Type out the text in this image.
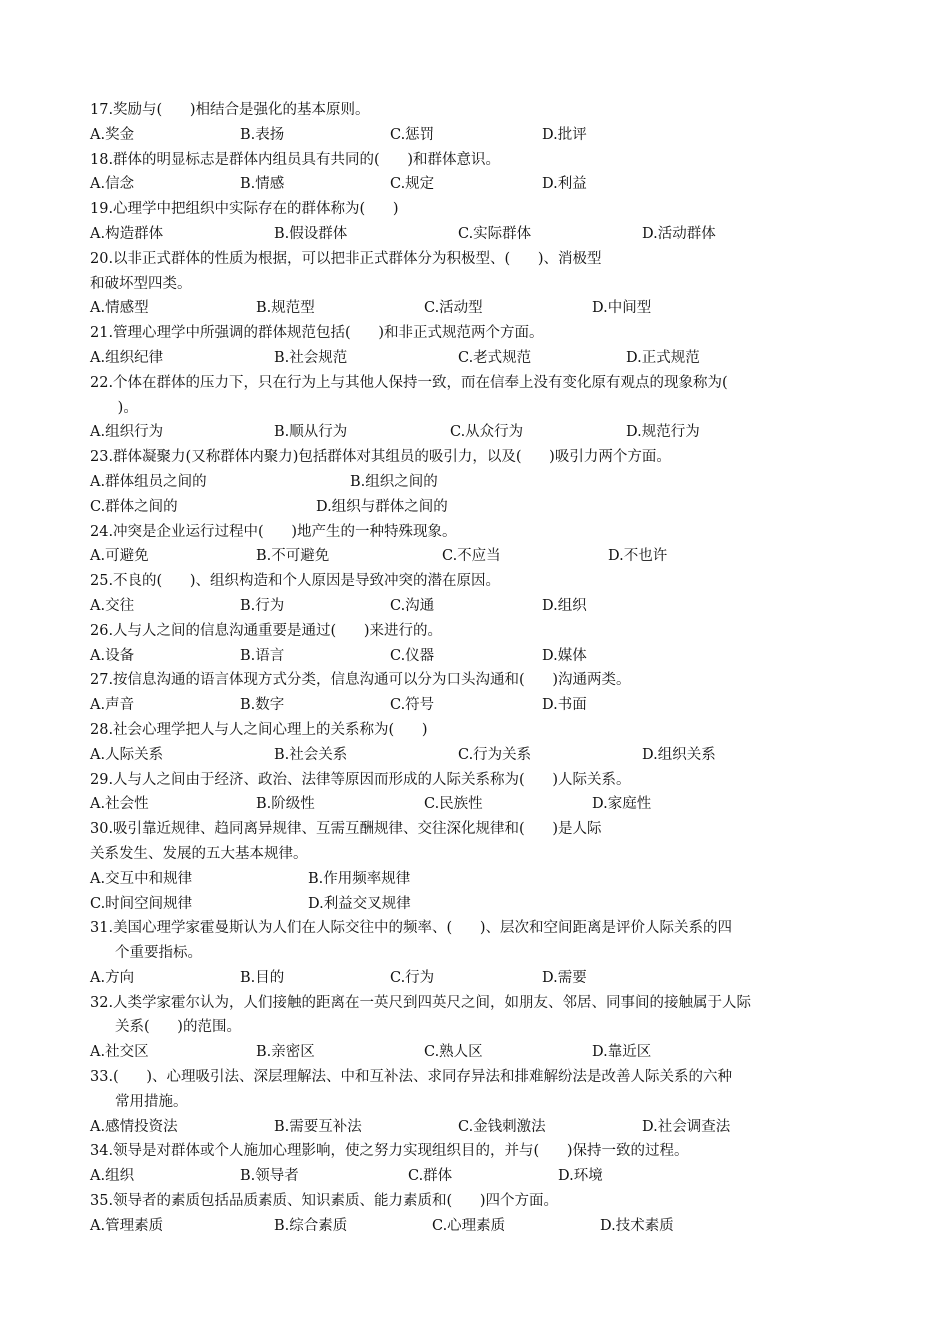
17.奖励与(      )相结合是强化的基本原则。
A.奖金	B.表扬	C.惩罚	D.批评
18.群体的明显标志是群体内组员具有共同的(      )和群体意识。
A.信念	B.情感	C.规定	D.利益
19.心理学中把组织中实际存在的群体称为(      )
A.构造群体	B.假设群体	C.实际群体	D.活动群体
20.以非正式群体的性质为根据，可以把非正式群体分为积极型、(      )、消极型
和破坏型四类。
A.情感型	B.规范型	C.活动型	D.中间型
21.管理心理学中所强调的群体规范包括(      )和非正式规范两个方面。
A.组织纪律	B.社会规范	C.老式规范	D.正式规范
22.个体在群体的压力下，只在行为上与其他人保持一致，而在信奉上没有变化原有观点的现象称为(
)。
A.组织行为	B.顺从行为	C.从众行为	D.规范行为
23.群体凝聚力(又称群体内聚力)包括群体对其组员的吸引力，以及(      )吸引力两个方面。
A.群体组员之间的	B.组织之间的
C.群体之间的	D.组织与群体之间的
24.冲突是企业运行过程中(      )地产生的一种特殊现象。
A.可避免	B.不可避免	C.不应当	D.不也许
25.不良的(      )、组织构造和个人原因是导致冲突的潜在原因。
A.交往	B.行为	C.沟通	D.组织
26.人与人之间的信息沟通重要是通过(      )来进行的。
A.设备	B.语言	C.仪器	D.媒体
27.按信息沟通的语言体现方式分类，信息沟通可以分为口头沟通和(      )沟通两类。
A.声音	B.数字	C.符号	D.书面
28.社会心理学把人与人之间心理上的关系称为(      )
A.人际关系	B.社会关系	C.行为关系	D.组织关系
29.人与人之间由于经济、政治、法律等原因而形成的人际关系称为(      )人际关系。
A.社会性	B.阶级性	C.民族性	D.家庭性
30.吸引靠近规律、趋同离异规律、互需互酬规律、交往深化规律和(      )是人际
关系发生、发展的五大基本规律。
A.交互中和规律	B.作用频率规律
C.时间空间规律	D.利益交叉规律
31.美国心理学家霍曼斯认为人们在人际交往中的频率、(      )、层次和空间距离是评价人际关系的四
个重要指标。
A.方向	B.目的	C.行为	D.需要
32.人类学家霍尔认为，人们接触的距离在一英尺到四英尺之间，如朋友、邻居、同事间的接触属于人际
关系(      )的范围。
A.社交区	B.亲密区	C.熟人区	D.靠近区
33.(      )、心理吸引法、深层理解法、中和互补法、求同存异法和排难解纷法是改善人际关系的六种
常用措施。
A.感情投资法	B.需要互补法	C.金钱刺激法	D.社会调查法
34.领导是对群体或个人施加心理影响，使之努力实现组织目的，并与(      )保持一致的过程。
A.组织	B.领导者	C.群体	D.环境
35.领导者的素质包括品质素质、知识素质、能力素质和(      )四个方面。
A.管理素质	B.综合素质	C.心理素质	D.技术素质
